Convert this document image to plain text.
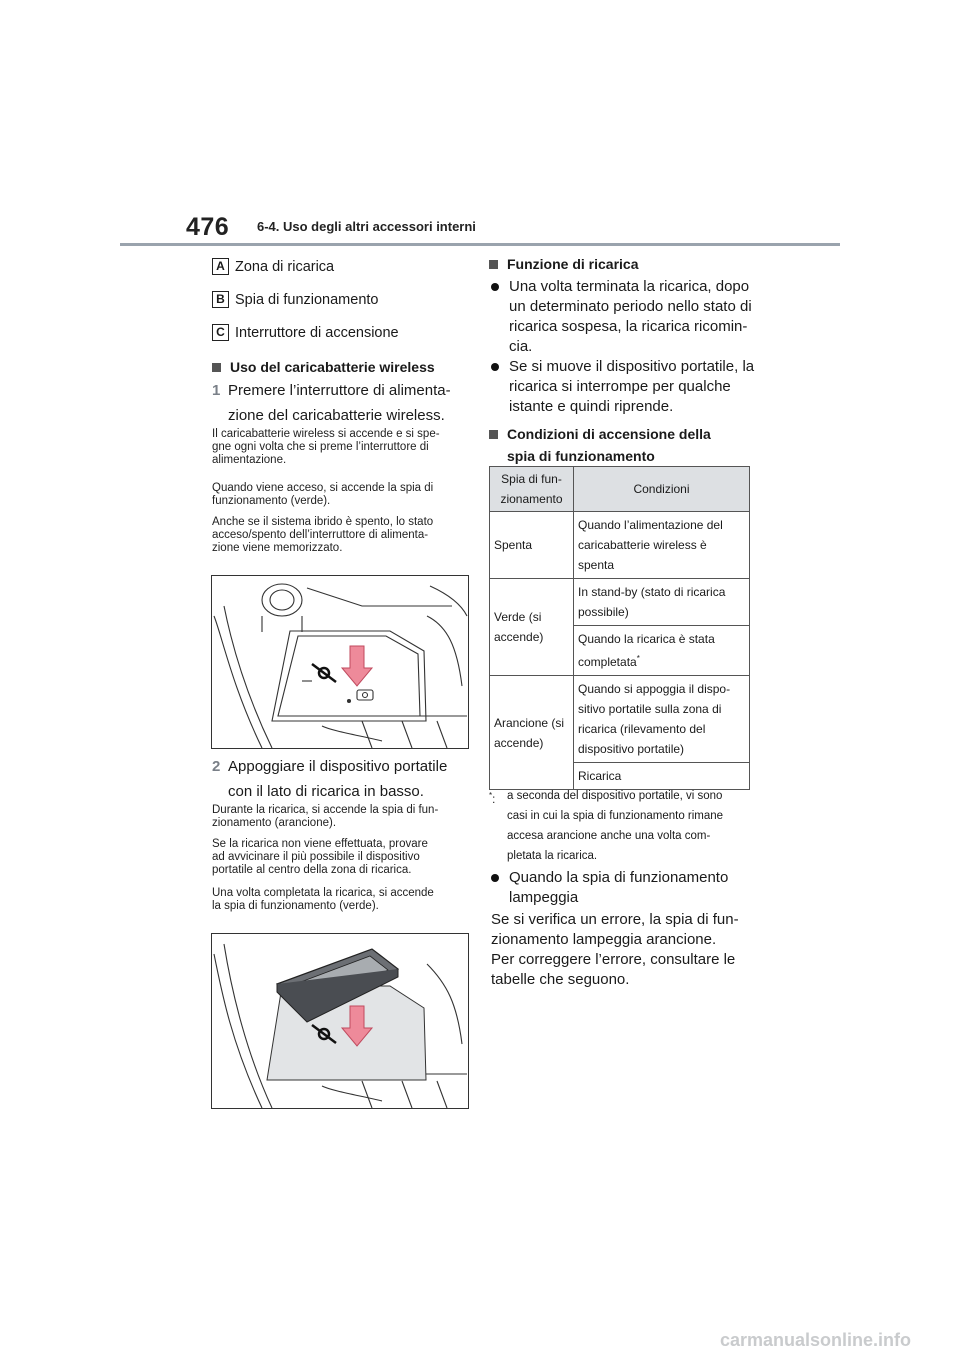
476 6-4. Uso degli altri accessori interni
A Zona di ricarica
B Spia di funzionamento
C Interruttore di accensione
Uso del caricabatterie wireless
1 Premere l’interruttore di alimenta-
zione del caricabatterie wireless.
Il caricabatterie wireless si accende e si spe-
gne ogni volta che si preme l’interruttore di
alimentazione.
Quando viene acceso, si accende la spia di
funzionamento (verde).
Anche se il sistema ibrido è spento, lo stato
acceso/spento dell’interruttore di alimenta-
zione viene memorizzato.
2 Appoggiare il dispositivo portatile
con il lato di ricarica in basso.
Durante la ricarica, si accende la spia di fun-
zionamento (arancione).
Se la ricarica non viene effettuata, provare
ad avvicinare il più possibile il dispositivo
portatile al centro della zona di ricarica.
Una volta completata la ricarica, si accende
la spia di funzionamento (verde).
Funzione di ricarica
Una volta terminata la ricarica, dopo
un determinato periodo nello stato di
ricarica sospesa, la ricarica ricomin-
cia.
Se si muove il dispositivo portatile, la
ricarica si interrompe per qualche
istante e quindi riprende.
Condizioni di accensione della
spia di funzionamento
Spia di fun-
zionamento	Condizioni
Spenta	Quando l’alimentazione del
caricabatterie wireless è
spenta
Verde (si
accende)	In stand-by (stato di ricarica
possibile)
	Quando la ricarica è stata
completata*
Arancione (si
accende)	Quando si appoggia il dispo-
sitivo portatile sulla zona di
ricarica (rilevamento del
dispositivo portatile)
	Ricarica
*:	a seconda del dispositivo portatile, vi sono
casi in cui la spia di funzionamento rimane
accesa arancione anche una volta com-
pletata la ricarica.
Quando la spia di funzionamento
lampeggia
Se si verifica un errore, la spia di fun-
zionamento lampeggia arancione.
Per correggere l’errore, consultare le
tabelle che seguono.
carmanualsonline.info
